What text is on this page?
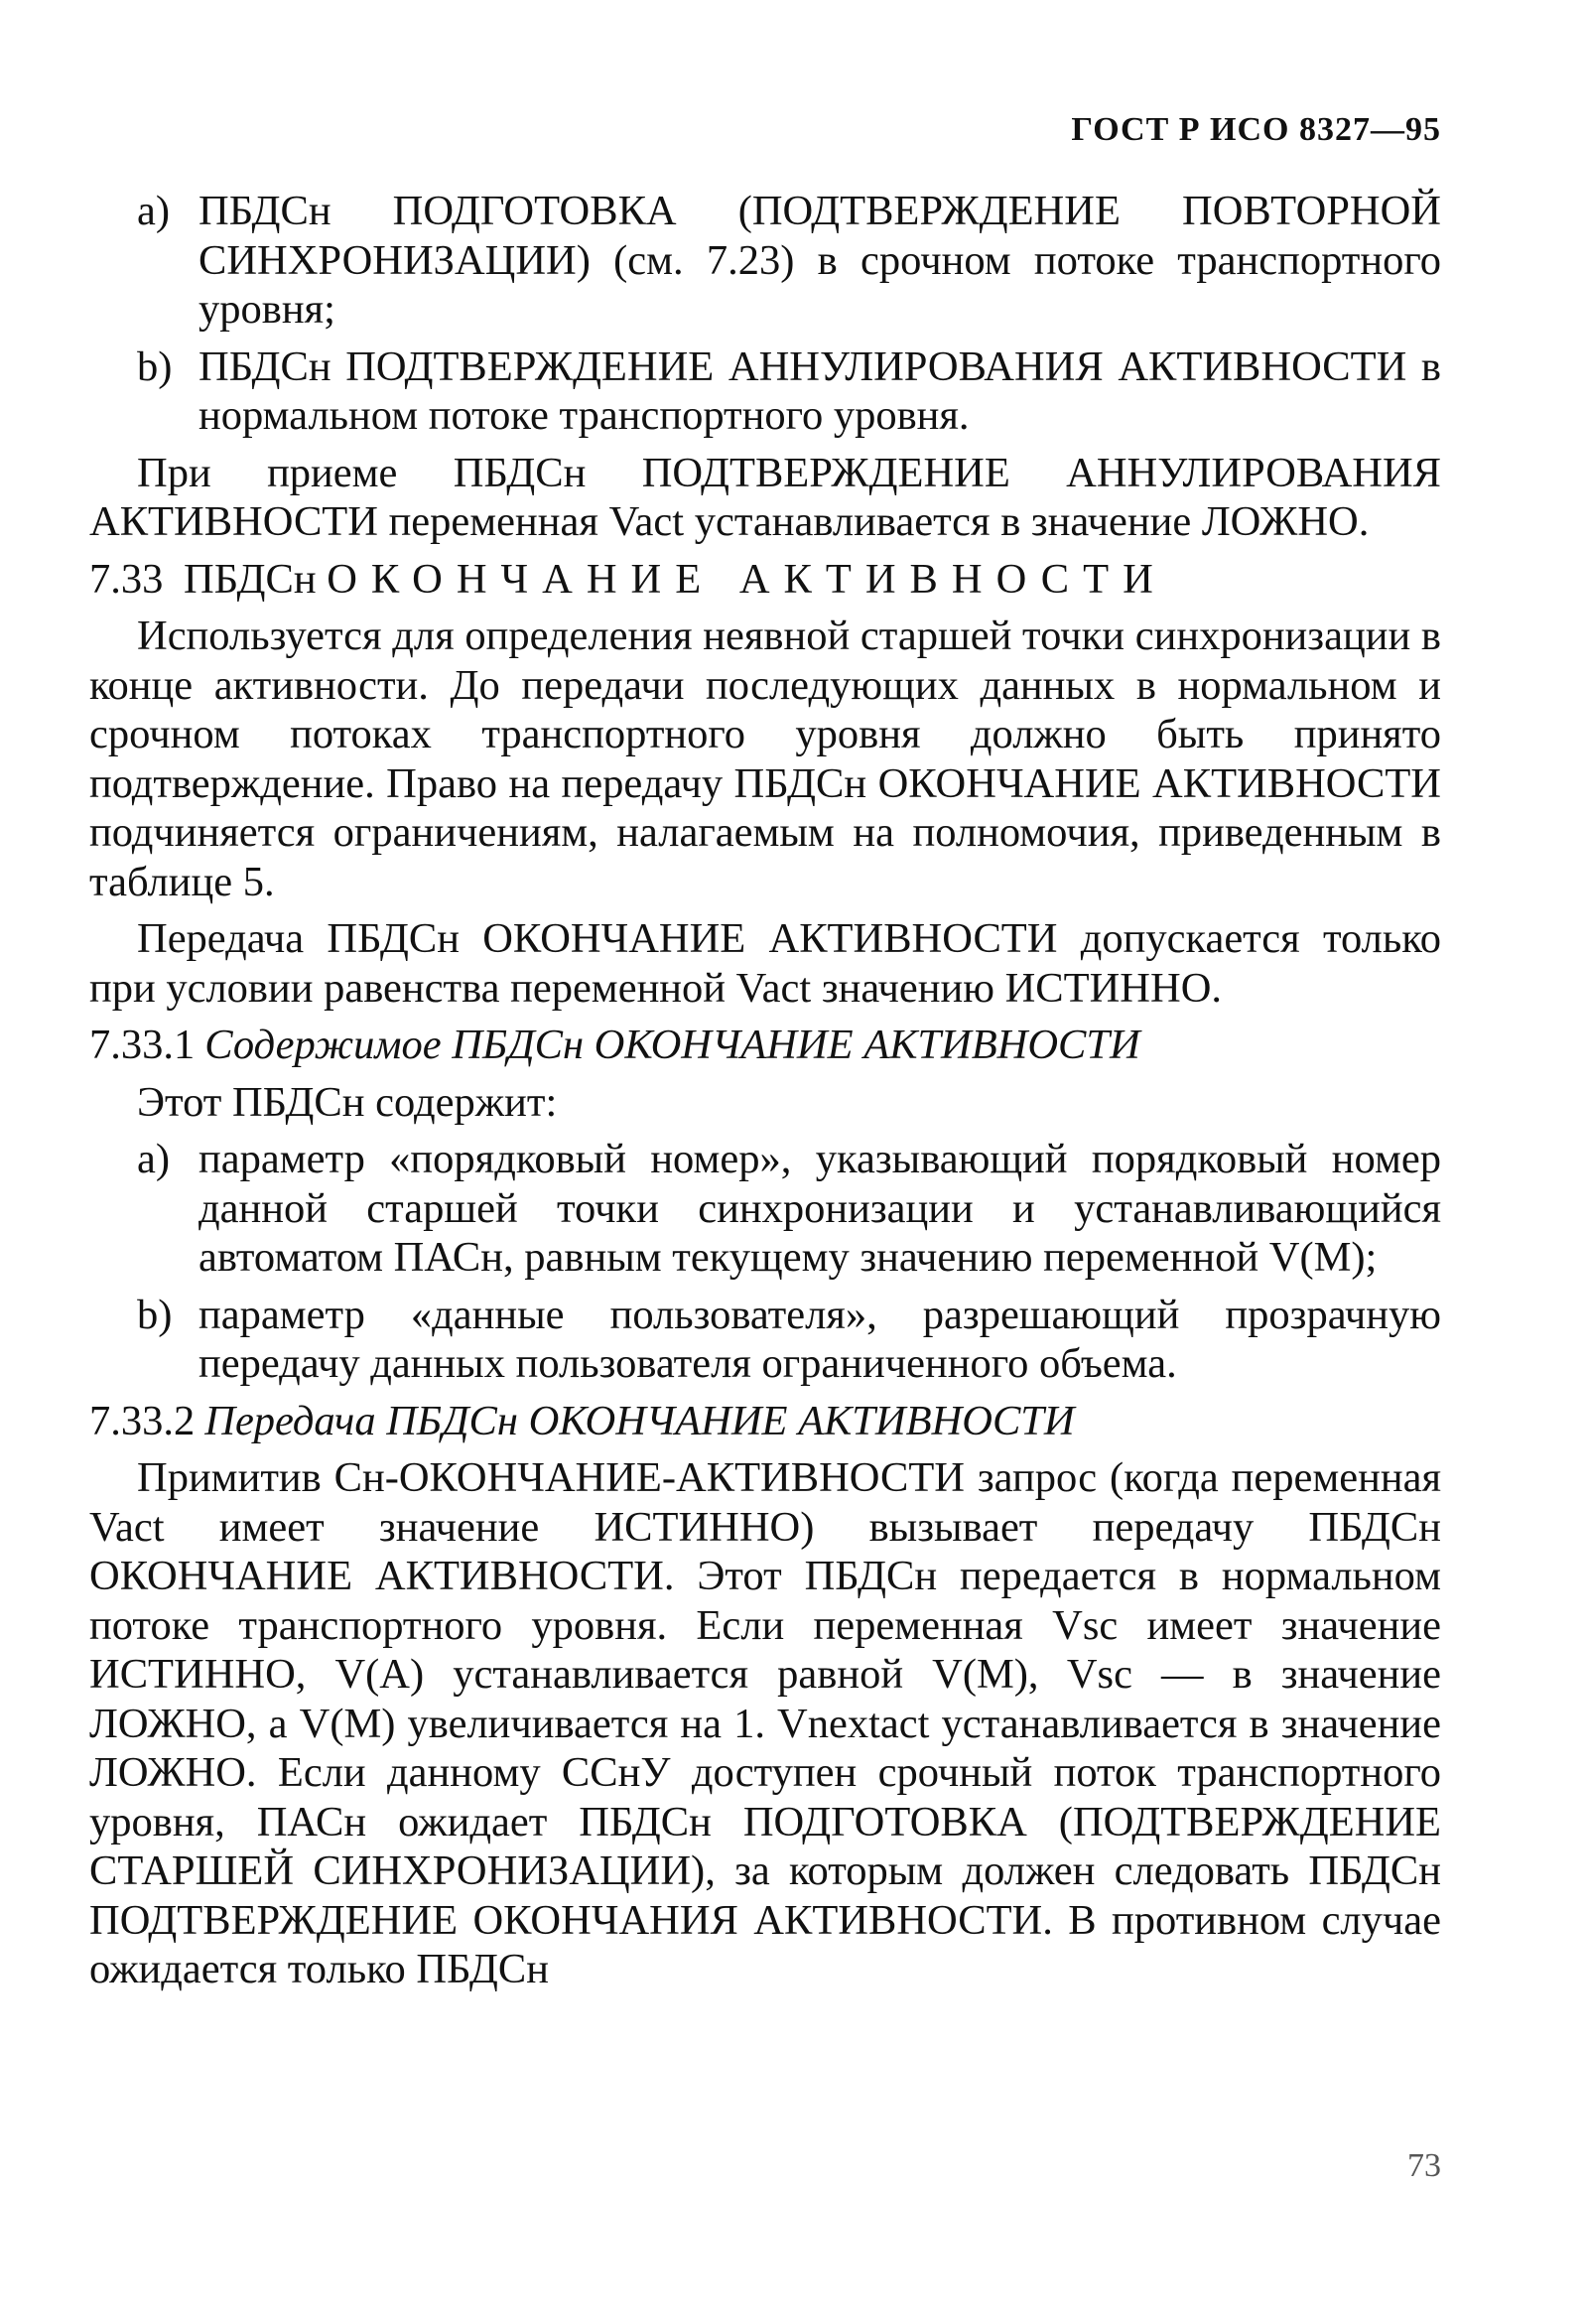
ГОСТ Р ИСО 8327—95
a) ПБДСн ПОДГОТОВКА (ПОДТВЕРЖДЕНИЕ ПОВТОРНОЙ СИНХРОНИЗАЦИИ) (см. 7.23) в срочном потоке транспортного уровня;
b) ПБДСн ПОДТВЕРЖДЕНИЕ АННУЛИРОВАНИЯ АКТИВНОСТИ в нормальном потоке транспортного уровня.

При приеме ПБДСн ПОДТВЕРЖДЕНИЕ АННУЛИРОВАНИЯ АКТИВНОСТИ переменная Vact устанавливается в значение ЛОЖНО.

7.33 ПБДСн ОКОНЧАНИЕ АКТИВНОСТИ

Используется для определения неявной старшей точки синхронизации в конце активности. До передачи последующих данных в нормальном и срочном потоках транспортного уровня должно быть принято подтверждение. Право на передачу ПБДСн ОКОНЧАНИЕ АКТИВНОСТИ подчиняется ограничениям, налагаемым на полномочия, приведенным в таблице 5.

Передача ПБДСн ОКОНЧАНИЕ АКТИВНОСТИ допускается только при условии равенства переменной Vact значению ИСТИННО.

7.33.1 Содержимое ПБДСн ОКОНЧАНИЕ АКТИВНОСТИ

Этот ПБДСн содержит:

a) параметр «порядковый номер», указывающий порядковый номер данной старшей точки синхронизации и устанавливающийся автоматом ПАСн, равным текущему значению переменной V(M);
b) параметр «данные пользователя», разрешающий прозрачную передачу данных пользователя ограниченного объема.

7.33.2 Передача ПБДСн ОКОНЧАНИЕ АКТИВНОСТИ

Примитив Сн-ОКОНЧАНИЕ-АКТИВНОСТИ запрос (когда переменная Vact имеет значение ИСТИННО) вызывает передачу ПБДСн ОКОНЧАНИЕ АКТИВНОСТИ. Этот ПБДСн передается в нормальном потоке транспортного уровня. Если переменная Vsc имеет значение ИСТИННО, V(A) устанавливается равной V(M), Vsc — в значение ЛОЖНО, а V(M) увеличивается на 1. Vnextact устанавливается в значение ЛОЖНО. Если данному ССнУ доступен срочный поток транспортного уровня, ПАСн ожидает ПБДСн ПОДГОТОВКА (ПОДТВЕРЖДЕНИЕ СТАРШЕЙ СИНХРОНИЗАЦИИ), за которым должен следовать ПБДСн ПОДТВЕРЖДЕНИЕ ОКОНЧАНИЯ АКТИВНОСТИ. В противном случае ожидается только ПБДСн

73
